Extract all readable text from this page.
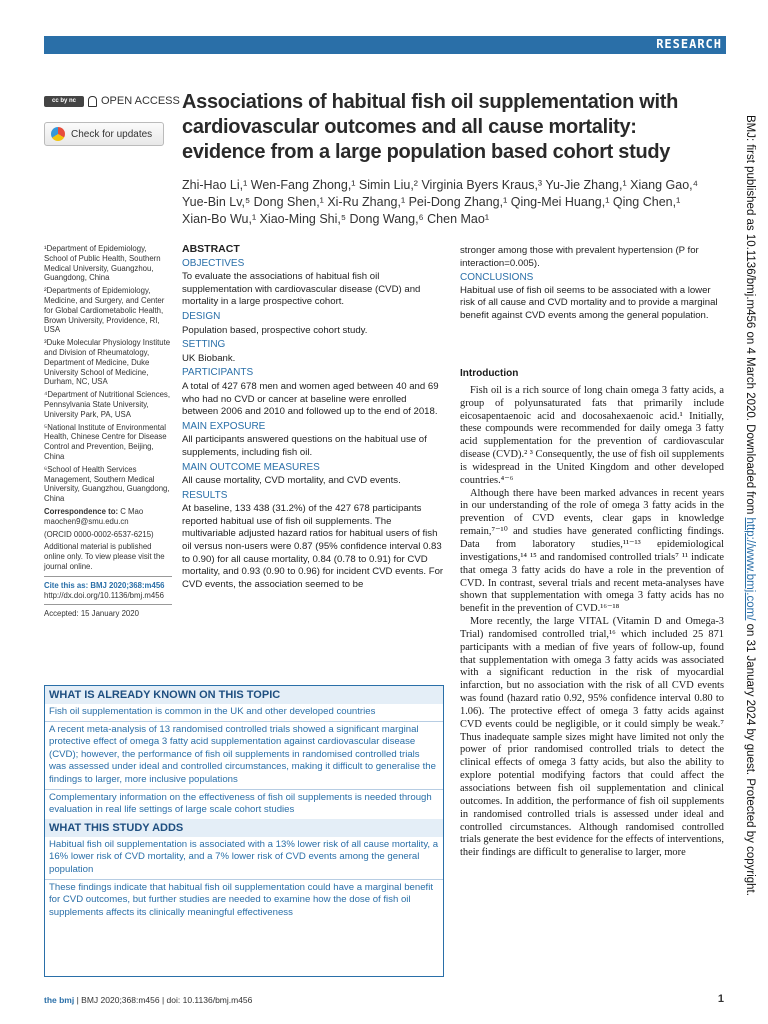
RESEARCH
cc by nc	OPEN ACCESS
Check for updates
Associations of habitual fish oil supplementation with cardiovascular outcomes and all cause mortality: evidence from a large population based cohort study
Zhi-Hao Li,¹ Wen-Fang Zhong,¹ Simin Liu,² Virginia Byers Kraus,³ Yu-Jie Zhang,¹ Xiang Gao,⁴ Yue-Bin Lv,⁵ Dong Shen,¹ Xi-Ru Zhang,¹ Pei-Dong Zhang,¹ Qing-Mei Huang,¹ Qing Chen,¹ Xian-Bo Wu,¹ Xiao-Ming Shi,⁵ Dong Wang,⁶ Chen Mao¹

¹Department of Epidemiology, School of Public Health, Southern Medical University, Guangzhou, Guangdong, China

²Departments of Epidemiology, Medicine, and Surgery, and Center for Global Cardiometabolic Health, Brown University, Providence, RI, USA

³Duke Molecular Physiology Institute and Division of Rheumatology, Department of Medicine, Duke University School of Medicine, Durham, NC, USA

⁴Department of Nutritional Sciences, Pennsylvania State University, University Park, PA, USA

⁵National Institute of Environmental Health, Chinese Centre for Disease Control and Prevention, Beijing, China

⁶School of Health Services Management, Southern Medical University, Guangzhou, Guangdong, China

Correspondence to: C Mao
maochen9@smu.edu.cn

(ORCID 0000-0002-6537-6215)

Additional material is published online only. To view please visit the journal online.

Cite this as: BMJ 2020;368:m456
http://dx.doi.org/10.1136/bmj.m456

Accepted: 15 January 2020

ABSTRACT

OBJECTIVES

To evaluate the associations of habitual fish oil supplementation with cardiovascular disease (CVD) and mortality in a large prospective cohort.

DESIGN

Population based, prospective cohort study.

SETTING

UK Biobank.

PARTICIPANTS

A total of 427 678 men and women aged between 40 and 69 who had no CVD or cancer at baseline were enrolled between 2006 and 2010 and followed up to the end of 2018.

MAIN EXPOSURE

All participants answered questions on the habitual use of supplements, including fish oil.

MAIN OUTCOME MEASURES

All cause mortality, CVD mortality, and CVD events.

RESULTS

At baseline, 133 438 (31.2%) of the 427 678 participants reported habitual use of fish oil supplements. The multivariable adjusted hazard ratios for habitual users of fish oil versus non-users were 0.87 (95% confidence interval 0.83 to 0.90) for all cause mortality, 0.84 (0.78 to 0.91) for CVD mortality, and 0.93 (0.90 to 0.96) for incident CVD events. For CVD events, the association seemed to be

stronger among those with prevalent hypertension (P for interaction=0.005).

CONCLUSIONS

Habitual use of fish oil seems to be associated with a lower risk of all cause and CVD mortality and to provide a marginal benefit against CVD events among the general population.

Introduction

Fish oil is a rich source of long chain omega 3 fatty acids, a group of polyunsaturated fats that primarily include eicosapentaenoic acid and docosahexaenoic acid.¹ Initially, these compounds were recommended for daily omega 3 fatty acid supplementation for the prevention of cardiovascular disease (CVD).² ³ Consequently, the use of fish oil supplements is widespread in the United Kingdom and other developed countries.⁴⁻⁶

Although there have been marked advances in recent years in our understanding of the role of omega 3 fatty acids in the prevention of CVD events, clear gaps in knowledge remain,⁷⁻¹⁰ and studies have generated conflicting findings. Data from laboratory studies,¹¹⁻¹³ epidemiological investigations,¹⁴ ¹⁵ and randomised controlled trials⁷ ¹¹ indicate that omega 3 fatty acids do have a role in the prevention of CVD. In contrast, several trials and recent meta-analyses have shown that supplementation with omega 3 fatty acids has no benefit in the prevention of CVD.¹⁶⁻¹⁸

More recently, the large VITAL (Vitamin D and Omega-3 Trial) randomised controlled trial,¹⁶ which included 25 871 participants with a median of five years of follow-up, found that supplementation with omega 3 fatty acids was associated with a significant reduction in the risk of myocardial infarction, but no association with the risk of all CVD events was found (hazard ratio 0.92, 95% confidence interval 0.80 to 1.06). The protective effect of omega 3 fatty acids against CVD events could be negligible, or it could simply be weak.⁷ Thus inadequate sample sizes might have limited not only the power of prior randomised controlled trials to detect the clinical effects of omega 3 fatty acids, but also the ability to explore potential modifying factors that could affect the associations between fish oil supplementation and clinical outcomes. In addition, the performance of fish oil supplements in randomised controlled trials is assessed under ideal and controlled circumstances. Although randomised controlled trials generate the best evidence for the effects of interventions, their findings are difficult to generalise to larger, more

WHAT IS ALREADY KNOWN ON THIS TOPIC
Fish oil supplementation is common in the UK and other developed countries
A recent meta-analysis of 13 randomised controlled trials showed a significant marginal protective effect of omega 3 fatty acid supplementation against cardiovascular disease (CVD); however, the performance of fish oil supplements in randomised controlled trials was assessed under ideal and controlled circumstances, making it difficult to generalise the findings to larger, more inclusive populations
Complementary information on the effectiveness of fish oil supplements is needed through evaluation in real life settings of large scale cohort studies
WHAT THIS STUDY ADDS
Habitual fish oil supplementation is associated with a 13% lower risk of all cause mortality, a 16% lower risk of CVD mortality, and a 7% lower risk of CVD events among the general population
These findings indicate that habitual fish oil supplementation could have a marginal benefit for CVD outcomes, but further studies are needed to examine how the dose of fish oil supplements affects its clinically meaningful effectiveness
the bmj | BMJ 2020;368:m456 | doi: 10.1136/bmj.m456	1
BMJ: first published as 10.1136/bmj.m456 on 4 March 2020. Downloaded from http://www.bmj.com/ on 31 January 2024 by guest. Protected by copyright.
